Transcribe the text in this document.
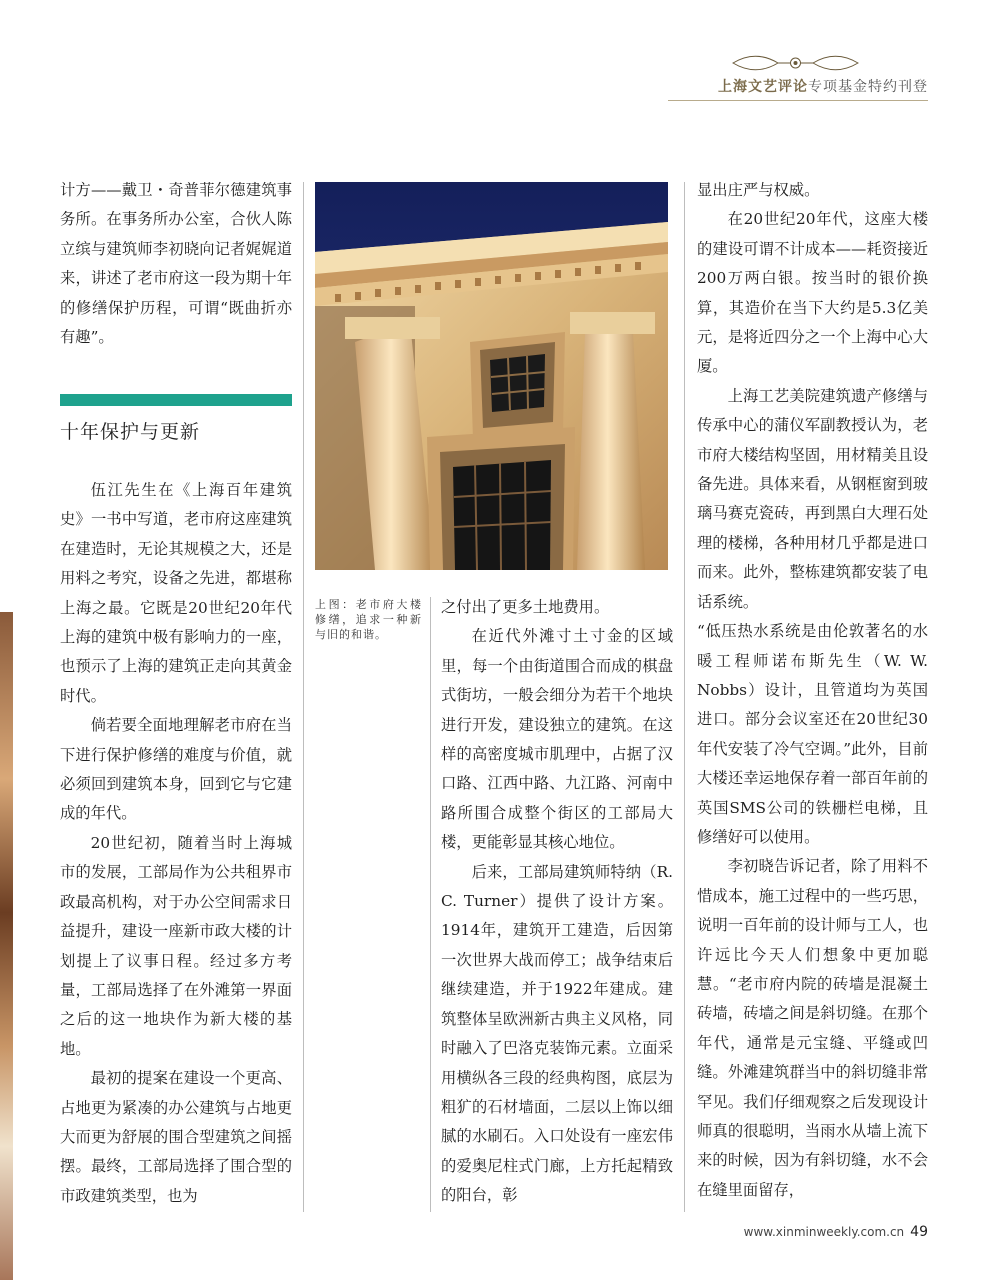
上海文艺评论专项基金特约刊登

计方——戴卫・奇普菲尔德建筑事务所。在事务所办公室，合伙人陈立缤与建筑师李初晓向记者娓娓道来，讲述了老市府这一段为期十年的修缮保护历程，可谓“既曲折亦有趣”。

十年保护与更新

伍江先生在《上海百年建筑史》一书中写道，老市府这座建筑在建造时，无论其规模之大，还是用料之考究，设备之先进，都堪称上海之最。它既是20世纪20年代上海的建筑中极有影响力的一座，也预示了上海的建筑正走向其黄金时代。

倘若要全面地理解老市府在当下进行保护修缮的难度与价值，就必须回到建筑本身，回到它与它建成的年代。

20世纪初，随着当时上海城市的发展，工部局作为公共租界市政最高机构，对于办公空间需求日益提升，建设一座新市政大楼的计划提上了议事日程。经过多方考量，工部局选择了在外滩第一界面之后的这一地块作为新大楼的基地。

最初的提案在建设一个更高、占地更为紧凑的办公建筑与占地更大而更为舒展的围合型建筑之间摇摆。最终，工部局选择了围合型的市政建筑类型，也为

上图：老市府大楼修缮，追求一种新与旧的和谐。

之付出了更多土地费用。

在近代外滩寸土寸金的区域里，每一个由街道围合而成的棋盘式街坊，一般会细分为若干个地块进行开发，建设独立的建筑。在这样的高密度城市肌理中，占据了汉口路、江西中路、九江路、河南中路所围合成整个街区的工部局大楼，更能彰显其核心地位。

后来，工部局建筑师特纳（R. C. Turner）提供了设计方案。1914年，建筑开工建造，后因第一次世界大战而停工；战争结束后继续建造，并于1922年建成。建筑整体呈欧洲新古典主义风格，同时融入了巴洛克装饰元素。立面采用横纵各三段的经典构图，底层为粗犷的石材墙面，二层以上饰以细腻的水刷石。入口处设有一座宏伟的爱奥尼柱式门廊，上方托起精致的阳台，彰

显出庄严与权威。

在20世纪20年代，这座大楼的建设可谓不计成本——耗资接近200万两白银。按当时的银价换算，其造价在当下大约是5.3亿美元，是将近四分之一个上海中心大厦。

上海工艺美院建筑遗产修缮与传承中心的蒲仪军副教授认为，老市府大楼结构坚固，用材精美且设备先进。具体来看，从钢框窗到玻璃马赛克瓷砖，再到黑白大理石处理的楼梯，各种用材几乎都是进口而来。此外，整栋建筑都安装了电话系统。

“低压热水系统是由伦敦著名的水暖工程师诺布斯先生（W. W. Nobbs）设计，且管道均为英国进口。部分会议室还在20世纪30年代安装了冷气空调。”此外，目前大楼还幸运地保存着一部百年前的英国SMS公司的铁栅栏电梯，且修缮好可以使用。

李初晓告诉记者，除了用料不惜成本，施工过程中的一些巧思，说明一百年前的设计师与工人，也许远比今天人们想象中更加聪慧。“老市府内院的砖墙是混凝土砖墙，砖墙之间是斜切缝。在那个年代，通常是元宝缝、平缝或凹缝。外滩建筑群当中的斜切缝非常罕见。我们仔细观察之后发现设计师真的很聪明，当雨水从墙上流下来的时候，因为有斜切缝，水不会在缝里面留存，

www.xinminweekly.com.cn 49
